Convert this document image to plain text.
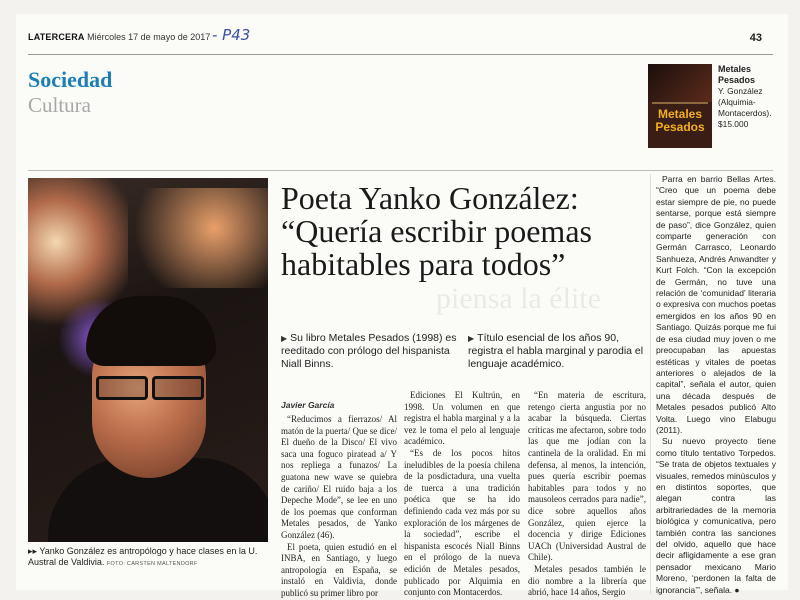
LATERCERA Miércoles 17 de mayo de 2017 - P43	43
Sociedad
Cultura	Metales
Pesados
Metales Pesados
Y. González (Alquimia-Montacerdos).
$15.000
▸▸ Yanko González es antropólogo y hace clases en la U. Austral de Valdivia. FOTO: CARSTEN MALTENDORF
piensa la élite
Poeta Yanko González:
“Quería escribir poemas
habitables para todos”
▶ Su libro Metales Pesados (1998) es reeditado con prólogo del hispanista Niall Binns.
▶ Título esencial de los años 90, registra el habla marginal y parodia el lenguaje académico.
Javier García

“Reducimos a fierrazos/ Al matón de la puerta/ Que se dice/ El dueño de la Disco/ El vivo saca una foguco piratead a/ Y nos repliega a funazos/ La guatona new wave se quiebra de cariño/ El ruido baja a los Depeche Mode”, se lee en uno de los poemas que conforman Metales pesados, de Yanko González (46).

El poeta, quien estudió en el INBA, en Santiago, y luego antropología en España, se instaló en Valdivia, donde publicó su primer libro por

Ediciones El Kultrún, en 1998. Un volumen en que registra el habla marginal y a la vez le toma el pelo al lenguaje académico.

“Es de los pocos hitos ineludibles de la poesía chilena de la posdictadura, una vuelta de tuerca a una tradición poética que se ha ido definiendo cada vez más por su exploración de los márgenes de la sociedad”, escribe el hispanista escocés Niall Binns en el prólogo de la nueva edición de Metales pesados, publicado por Alquimia en conjunto con Montacerdos.

“En materia de escritura, retengo cierta angustia por no acabar la búsqueda. Ciertas críticas me afectaron, sobre todo las que me jodían con la cantinela de la oralidad. En mi defensa, al menos, la intención, pues quería escribir poemas habitables para todos y no mausoleos cerrados para nadie”, dice sobre aquellos años González, quien ejerce la docencia y dirige Ediciones UACh (Universidad Austral de Chile).

Metales pesados también le dio nombre a la librería que abrió, hace 14 años, Sergio

Parra en barrio Bellas Artes. “Creo que un poema debe estar siempre de pie, no puede sentarse, porque está siempre de paso”, dice González, quien comparte generación con Germán Carrasco, Leonardo Sanhueza, Andrés Anwandter y Kurt Folch. “Con la excepción de Germán, no tuve una relación de ‘comunidad’ literaria o expresiva con muchos poetas emergidos en los años 90 en Santiago. Quizás porque me fui de esa ciudad muy joven o me preocupaban las apuestas estéticas y vitales de poetas anteriores o alejados de la capital”, señala el autor, quien una década después de Metales pesados publicó Alto Volta. Luego vino Elabugu (2011).

Su nuevo proyecto tiene como título tentativo Torpedos. “Se trata de objetos textuales y visuales, remedos minúsculos y en distintos soportes, que alegan contra las arbitrariedades de la memoria biológica y comunicativa, pero también contra las sanciones del olvido, aquello que hace decir afligidamente a ese gran pensador mexicano Mario Moreno, ‘perdonen la falta de ignorancia’”, señala. ●
